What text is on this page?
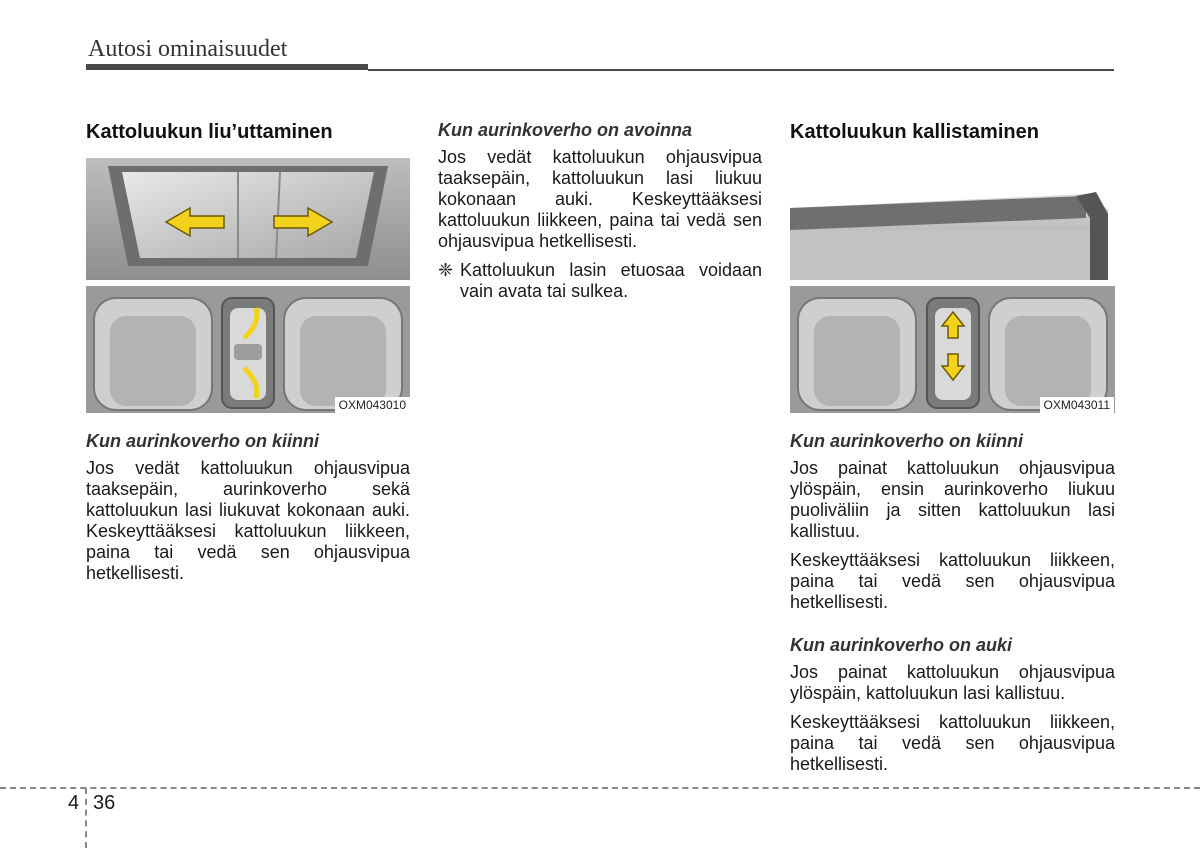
Autosi ominaisuudet
Kattoluukun liu’uttaminen
OXM043010
Kun aurinkoverho on kiinni

Jos vedät kattoluukun ohjausvipua taaksepäin, aurinkoverho sekä kattoluukun lasi liukuvat kokonaan auki. Keskeyttääksesi kattoluukun liikkeen, paina tai vedä sen ohjausvipua hetkellisesti.

Kun aurinkoverho on avoinna

Jos vedät kattoluukun ohjausvipua taaksepäin, kattoluukun lasi liukuu kokonaan auki. Keskeyttääksesi kattoluukun liikkeen, paina tai vedä sen ohjausvipua hetkellisesti.

❈ Kattoluukun lasin etuosaa voidaan vain avata tai sulkea.

Kattoluukun kallistaminen
OXM043011
Kun aurinkoverho on kiinni

Jos painat kattoluukun ohjausvipua ylöspäin, ensin aurinkoverho liukuu puoliväliin ja sitten kattoluukun lasi kallistuu.

Keskeyttääksesi kattoluukun liikkeen, paina tai vedä sen ohjausvipua hetkellisesti.

Kun aurinkoverho on auki

Jos painat kattoluukun ohjausvipua ylöspäin, kattoluukun lasi kallistuu.

Keskeyttääksesi kattoluukun liikkeen, paina tai vedä sen ohjausvipua hetkellisesti.

4 36
